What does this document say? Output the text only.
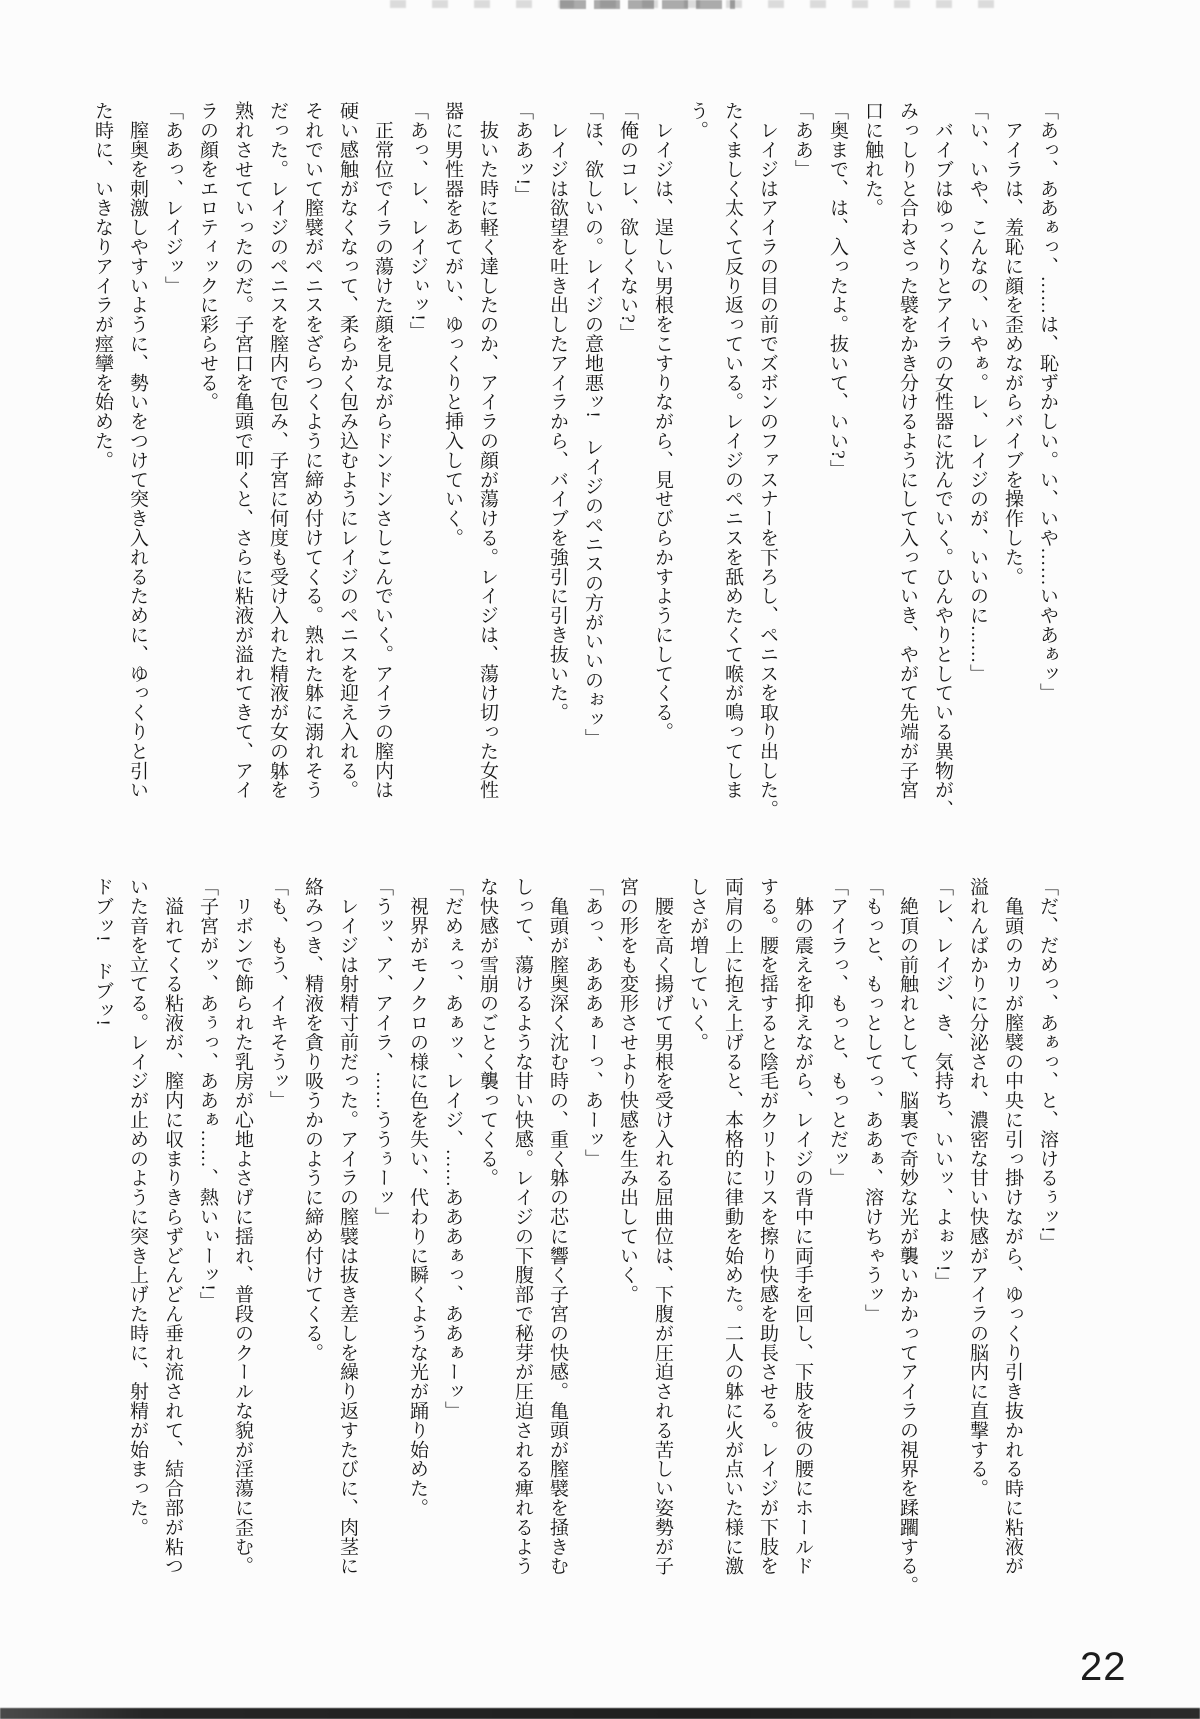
「あっ、ああぁっ、……は、恥ずかしい。い、いや……いやあぁッ」

　アイラは、羞恥に顔を歪めながらバイブを操作した。

「い、いや、こんなの、いやぁ。レ、レイジのが、いいのに……」

　バイブはゆっくりとアイラの女性器に沈んでいく。ひんやりとしている異物が、

みっしりと合わさった襞をかき分けるようにして入っていき、やがて先端が子宮

口に触れた。

「奥まで、は、入ったよ。抜いて、いい?」

「ああ」

　レイジはアイラの目の前でズボンのファスナーを下ろし、ペニスを取り出した。

たくましく太くて反り返っている。レイジのペニスを舐めたくて喉が鳴ってしま

う。

　レイジは、逞しい男根をこすりながら、見せびらかすようにしてくる。

「俺のコレ、欲しくない?」

「ほ、欲しいの。レイジの意地悪ッ!　レイジのペニスの方がいいのぉッ」

　レイジは欲望を吐き出したアイラから、バイブを強引に引き抜いた。

「ああッ!」

　抜いた時に軽く達したのか、アイラの顔が蕩ける。レイジは、蕩け切った女性

器に男性器をあてがい、ゆっくりと挿入していく。

「あっ、レ、レイジぃッ!」

　正常位でイラの蕩けた顔を見ながらドンドンさしこんでいく。アイラの膣内は

硬い感触がなくなって、柔らかく包み込むようにレイジのペニスを迎え入れる。

それでいて膣襞がペニスをざらつくように締め付けてくる。熟れた躰に溺れそう

だった。レイジのペニスを膣内で包み、子宮に何度も受け入れた精液が女の躰を

熟れさせていったのだ。子宮口を亀頭で叩くと、さらに粘液が溢れてきて、アイ

ラの顔をエロティックに彩らせる。

「ああっ、レイジッ」

　膣奥を刺激しやすいように、勢いをつけて突き入れるために、ゆっくりと引い

た時に、いきなりアイラが痙攣を始めた。

「だ、だめっ、あぁっ、と、溶けるぅッ!」

　亀頭のカリが膣襞の中央に引っ掛けながら、ゆっくり引き抜かれる時に粘液が

溢れんばかりに分泌され、濃密な甘い快感がアイラの脳内に直撃する。

「レ、レイジ、き、気持ち、いいッ、よぉッ!」

　絶頂の前触れとして、脳裏で奇妙な光が襲いかかってアイラの視界を蹂躙する。

「もっと、もっとしてっ、ああぁ、溶けちゃうッ」

「アイラっ、もっと、もっとだッ」

　躰の震えを抑えながら、レイジの背中に両手を回し、下肢を彼の腰にホールド

する。腰を揺すると陰毛がクリトリスを擦り快感を助長させる。レイジが下肢を

両肩の上に抱え上げると、本格的に律動を始めた。二人の躰に火が点いた様に激

しさが増していく。

　腰を高く揚げて男根を受け入れる屈曲位は、下腹が圧迫される苦しい姿勢が子

宮の形をも変形させより快感を生み出していく。

「あっ、あああぁーっ、あーッ」

　亀頭が膣奥深く沈む時の、重く躰の芯に響く子宮の快感。亀頭が膣襞を掻きむ

しって、蕩けるような甘い快感。レイジの下腹部で秘芽が圧迫される痺れるよう

な快感が雪崩のごとく襲ってくる。

「だめぇっ、あぁッ、レイジ、……あああぁっ、ああぁーッ」

　視界がモノクロの様に色を失い、代わりに瞬くような光が踊り始めた。

「うッ、ア、アイラ、……ううぅーッ」

　レイジは射精寸前だった。アイラの膣襞は抜き差しを繰り返すたびに、肉茎に

絡みつき、精液を貪り吸うかのように締め付けてくる。

「も、もう、イキそうッ」

　リボンで飾られた乳房が心地よさげに揺れ、普段のクールな貌が淫蕩に歪む。

「子宮がッ、あぅっ、ああぁ……、熱いぃーッ!」

　溢れてくる粘液が、膣内に収まりきらずどんどん垂れ流されて、結合部が粘つ

いた音を立てる。レイジが止めのように突き上げた時に、射精が始まった。

ドブッ!　ドブッ!

22
